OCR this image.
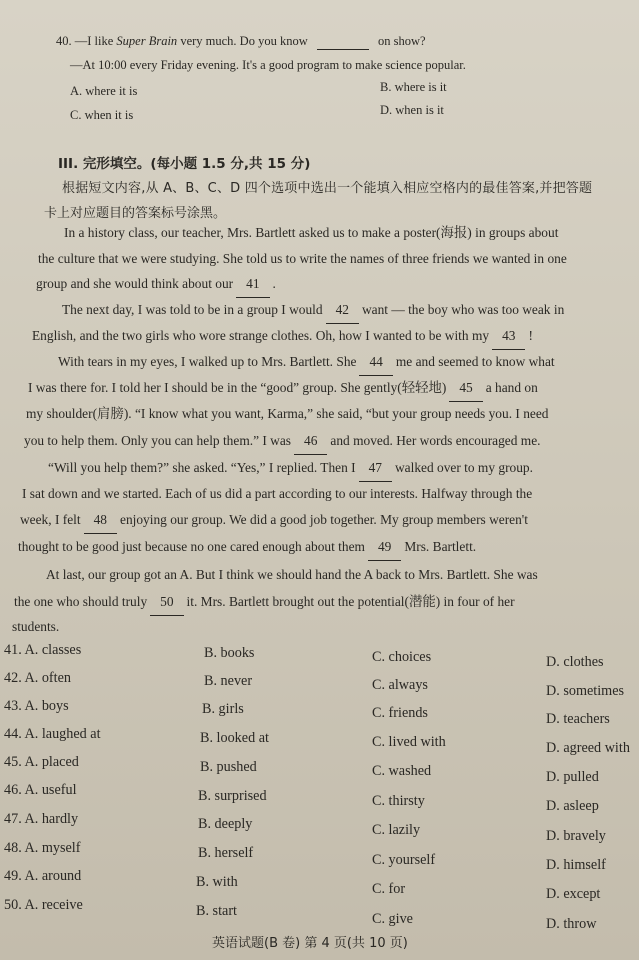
40. —I like Super Brain very much. Do you know	on show?
—At 10:00 every Friday evening. It's a good program to make science popular.
A. where it is	B. where is it
C. when it is	D. when is it
III. 完形填空。(每小题 1.5 分,共 15 分)
根据短文内容,从 A、B、C、D 四个选项中选出一个能填入相应空格内的最佳答案,并把答题
卡上对应题目的答案标号涂黑。
In a history class, our teacher, Mrs. Bartlett asked us to make a poster(海报) in groups about
the culture that we were studying. She told us to write the names of three friends we wanted in one
group and she would think about our 41 .
The next day, I was told to be in a group I would 42 want — the boy who was too weak in
English, and the two girls who wore strange clothes. Oh, how I wanted to be with my 43 !
With tears in my eyes, I walked up to Mrs. Bartlett. She 44 me and seemed to know what
I was there for. I told her I should be in the “good” group. She gently(轻轻地) 45 a hand on
my shoulder(肩膀). “I know what you want, Karma,” she said, “but your group needs you. I need
you to help them. Only you can help them.” I was 46 and moved. Her words encouraged me.
“Will you help them?” she asked. “Yes,” I replied. Then I 47 walked over to my group.
I sat down and we started. Each of us did a part according to our interests. Halfway through the
week, I felt 48 enjoying our group. We did a good job together. My group members weren't
thought to be good just because no one cared enough about them 49 Mrs. Bartlett.
At last, our group got an A. But I think we should hand the A back to Mrs. Bartlett. She was
the one who should truly 50 it. Mrs. Bartlett brought out the potential(潜能) in four of her
students.
41. A. classes	B. books	C. choices	D. clothes
42. A. often	B. never	C. always	D. sometimes
43. A. boys	B. girls	C. friends	D. teachers
44. A. laughed at	B. looked at	C. lived with	D. agreed with
45. A. placed	B. pushed	C. washed	D. pulled
46. A. useful	B. surprised	C. thirsty	D. asleep
47. A. hardly	B. deeply	C. lazily	D. bravely
48. A. myself	B. herself	C. yourself	D. himself
49. A. around	B. with	C. for	D. except
50. A. receive	B. start	C. give	D. throw
英语试题(B 卷) 第 4 页(共 10 页)
